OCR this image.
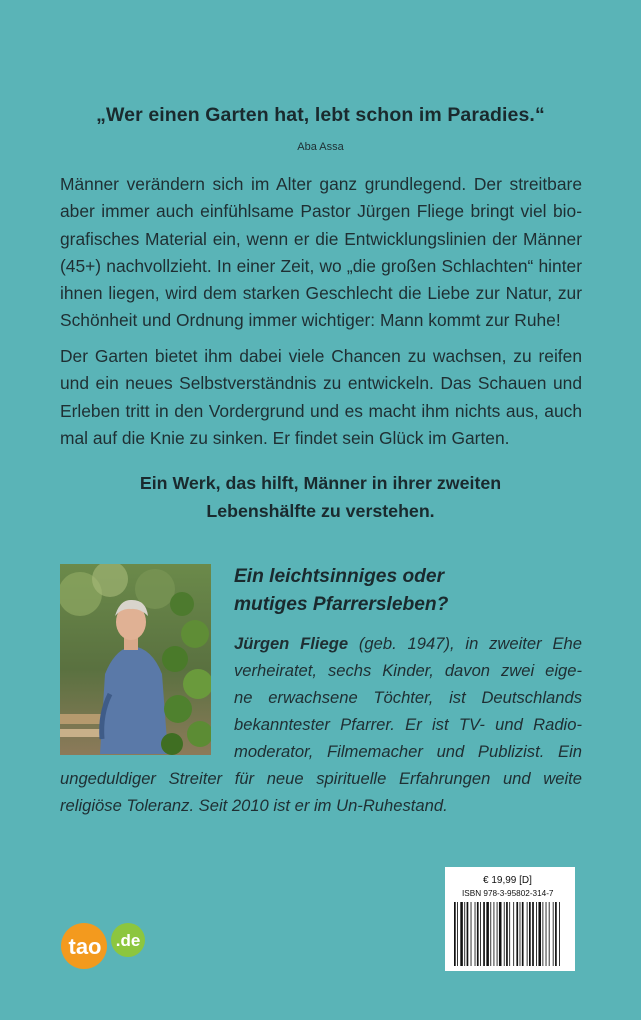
„Wer einen Garten hat, lebt schon im Paradies.“
Aba Assa
Männer verändern sich im Alter ganz grundlegend. Der streitbare
aber immer auch einfühlsame Pastor Jürgen Fliege bringt viel bio-
grafisches Material ein, wenn er die Entwicklungslinien der Männer
(45+) nachvollzieht. In einer Zeit, wo „die großen Schlachten“ hinter
ihnen liegen, wird dem starken Geschlecht die Liebe zur Natur, zur
Schönheit und Ordnung immer wichtiger: Mann kommt zur Ruhe!
Der Garten bietet ihm dabei viele Chancen zu wachsen, zu reifen
und ein neues Selbstverständnis zu entwickeln. Das Schauen und
Erleben tritt in den Vordergrund und es macht ihm nichts aus, auch
mal auf die Knie zu sinken. Er findet sein Glück im Garten.
Ein Werk, das hilft, Männer in ihrer zweiten
Lebenshälfte zu verstehen.
Ein leichtsinniges oder
mutiges Pfarrersleben?
Jürgen Fliege (geb. 1947), in zweiter Ehe
verheiratet, sechs Kinder, davon zwei eige-
ne erwachsene Töchter, ist Deutschlands
bekanntester Pfarrer. Er ist TV- und Radio-
moderator, Filmemacher und Publizist. Ein
ungeduldiger Streiter für neue spirituelle Erfahrungen und weite
religiöse Toleranz. Seit 2010 ist er im Un-Ruhestand.
€ 19,99 [D]
ISBN 978-3-95802-314-7
tao .de
